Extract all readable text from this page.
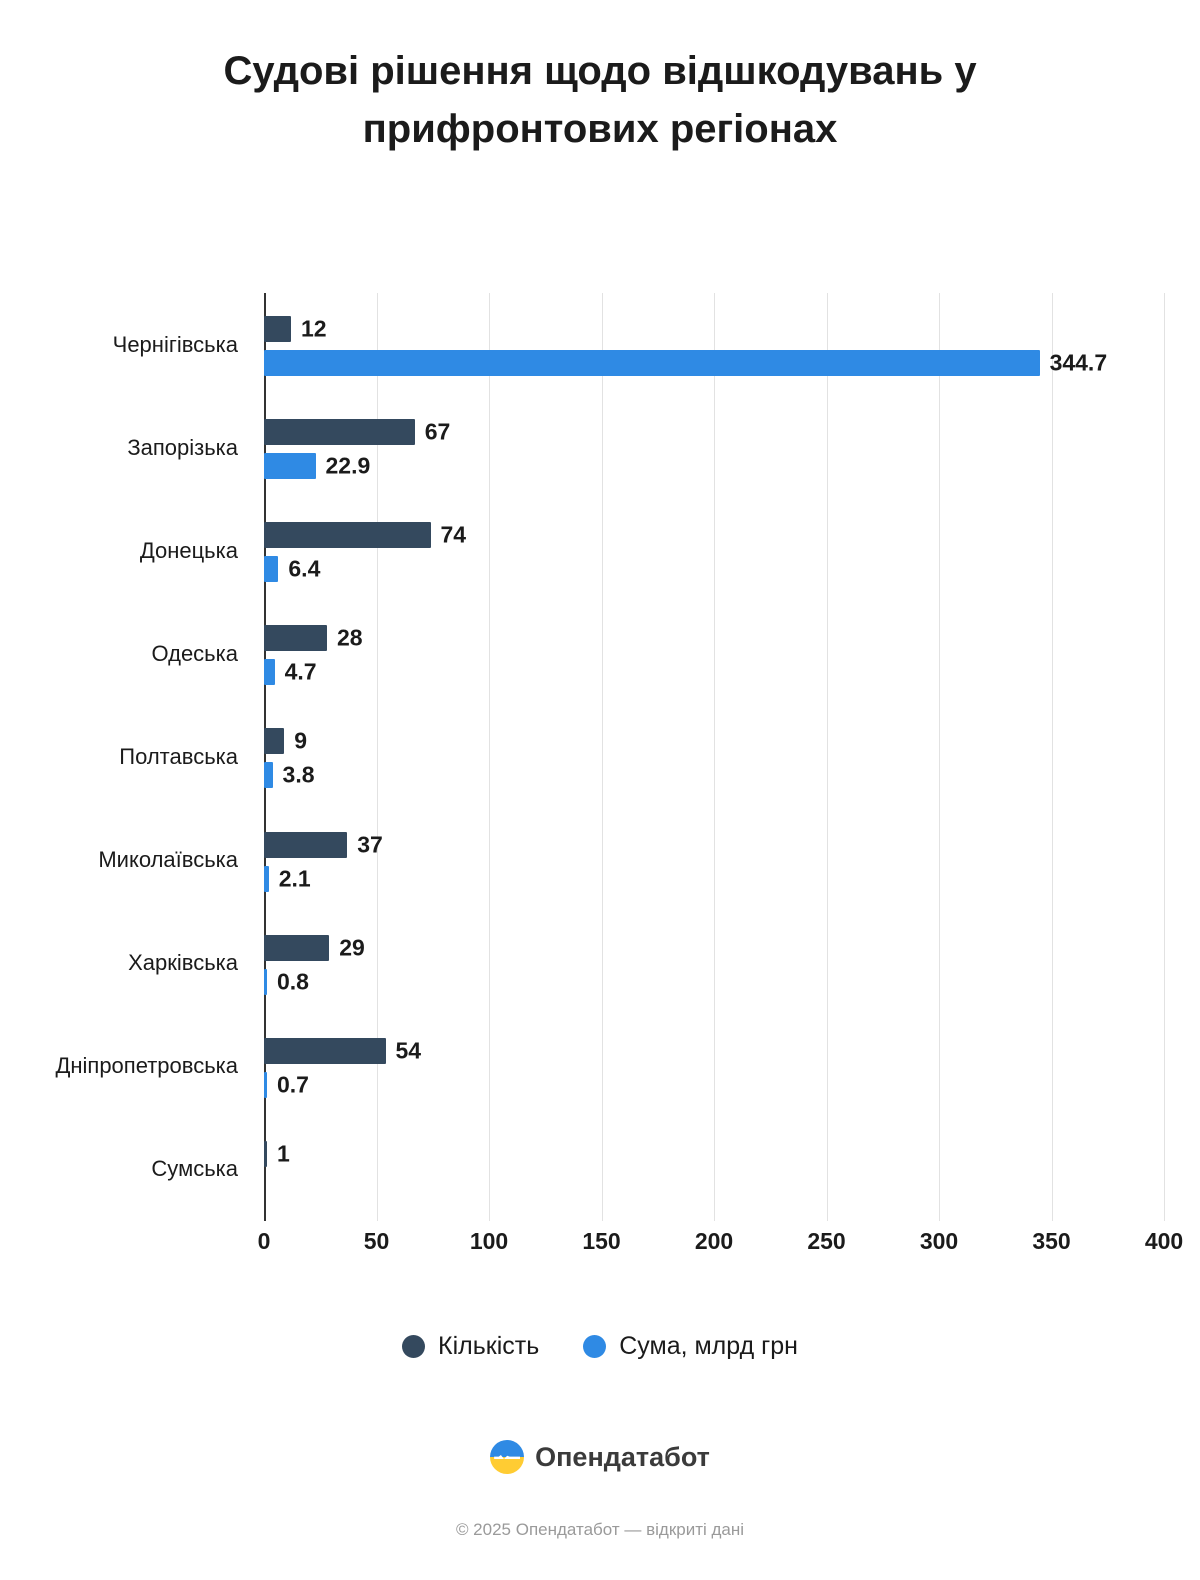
Судові рішення щодо відшкодувань у прифронтових регіонах
Чернігівська
12
344.7
Запорізька
67
22.9
Донецька
74
6.4
Одеська
28
4.7
Полтавська
9
3.8
Миколаївська
37
2.1
Харківська
29
0.8
Дніпропетровська
54
0.7
Сумська
1
0	50	100	150	200	250	300	350	400
Кількість	Сума, млрд грн
Опендатабот
© 2025 Опендатабот — відкриті дані
